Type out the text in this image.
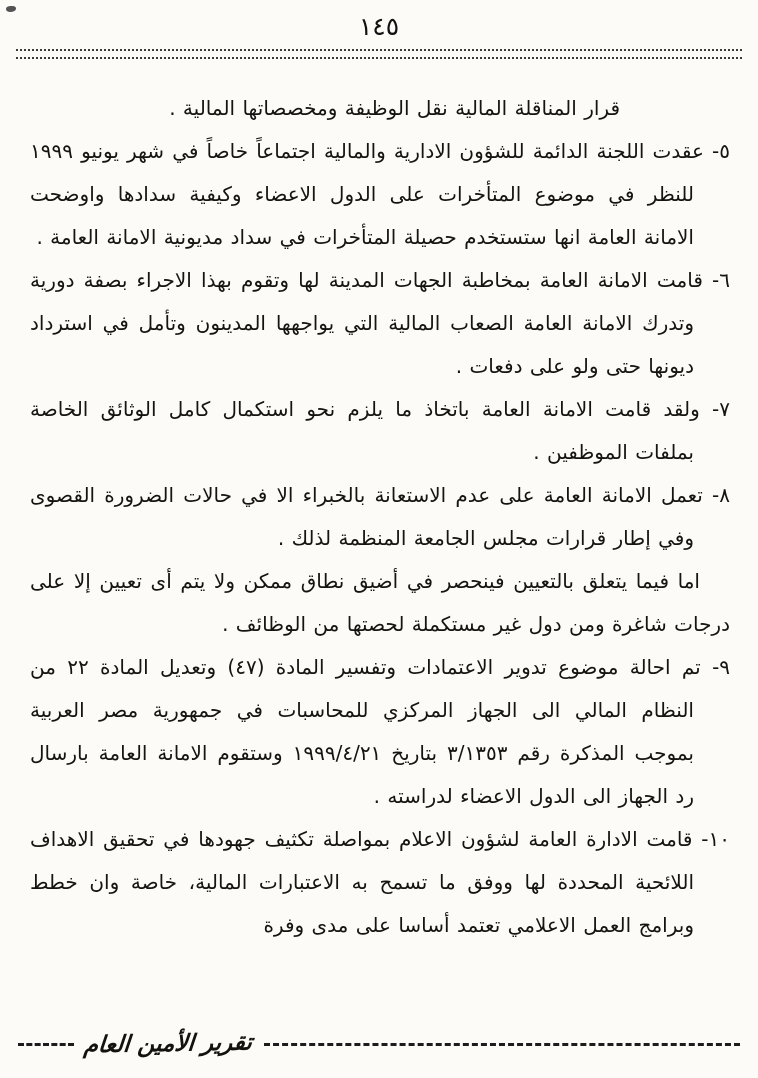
١٤٥

قرار المناقلة المالية نقل الوظيفة ومخصصاتها المالية .

٥- عقدت اللجنة الدائمة للشؤون الادارية والمالية اجتماعاً خاصاً في شهر يونيو ١٩٩٩ للنظر في موضوع المتأخرات على الدول الاعضاء وكيفية سدادها واوضحت الامانة العامة انها ستستخدم حصيلة المتأخرات في سداد مديونية الامانة العامة .

٦- قامت الامانة العامة بمخاطبة الجهات المدينة لها وتقوم بهذا الاجراء بصفة دورية وتدرك الامانة العامة الصعاب المالية التي يواجهها المدينون وتأمل في استرداد ديونها حتى ولو على دفعات .

٧- ولقد قامت الامانة العامة باتخاذ ما يلزم نحو استكمال كامل الوثائق الخاصة بملفات الموظفين .

٨- تعمل الامانة العامة على عدم الاستعانة بالخبراء الا في حالات الضرورة القصوى وفي إطار قرارات مجلس الجامعة المنظمة لذلك .

اما فيما يتعلق بالتعيين فينحصر في أضيق نطاق ممكن ولا يتم أى تعيين إلا على درجات شاغرة ومن دول غير مستكملة لحصتها من الوظائف .

٩- تم احالة موضوع تدوير الاعتمادات وتفسير المادة (٤٧) وتعديل المادة ٢٢ من النظام المالي الى الجهاز المركزي للمحاسبات في جمهورية مصر العربية بموجب المذكرة رقم ٣/١٣٥٣ بتاريخ ١٩٩٩/٤/٢١ وستقوم الامانة العامة بارسال رد الجهاز الى الدول الاعضاء لدراسته .

١٠- قامت الادارة العامة لشؤون الاعلام بمواصلة تكثيف جهودها في تحقيق الاهداف اللائحية المحددة لها ووفق ما تسمح به الاعتبارات المالية، خاصة وان خطط وبرامج العمل الاعلامي تعتمد أساسا على مدى وفرة

تقرير الأمين العام
